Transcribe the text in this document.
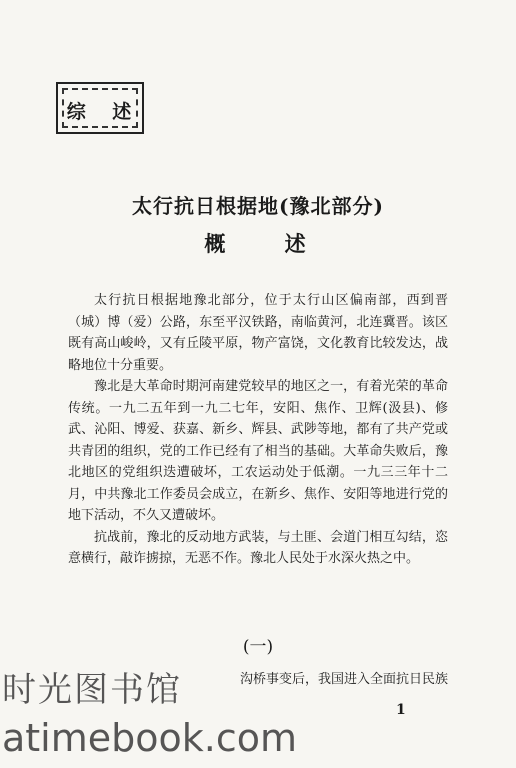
综 述
太行抗日根据地(豫北部分)
概 述

太行抗日根据地豫北部分，位于太行山区偏南部，西到晋（城）博（爱）公路，东至平汉铁路，南临黄河，北连冀晋。该区既有高山峻岭，又有丘陵平原，物产富饶，文化教育比较发达，战略地位十分重要。

豫北是大革命时期河南建党较早的地区之一，有着光荣的革命传统。一九二五年到一九二七年，安阳、焦作、卫辉(汲县)、修武、沁阳、博爱、获嘉、新乡、辉县、武陟等地，都有了共产党或共青团的组织，党的工作已经有了相当的基础。大革命失败后，豫北地区的党组织迭遭破坏，工农运动处于低潮。一九三三年十二月，中共豫北工作委员会成立，在新乡、焦作、安阳等地进行党的地下活动，不久又遭破坏。

抗战前，豫北的反动地方武装，与土匪、会道门相互勾结，恣意横行，敲诈掳掠，无恶不作。豫北人民处于水深火热之中。

(一)
沟桥事变后，我国进入全面抗日民族
时光图书馆
atimebook.com
1
